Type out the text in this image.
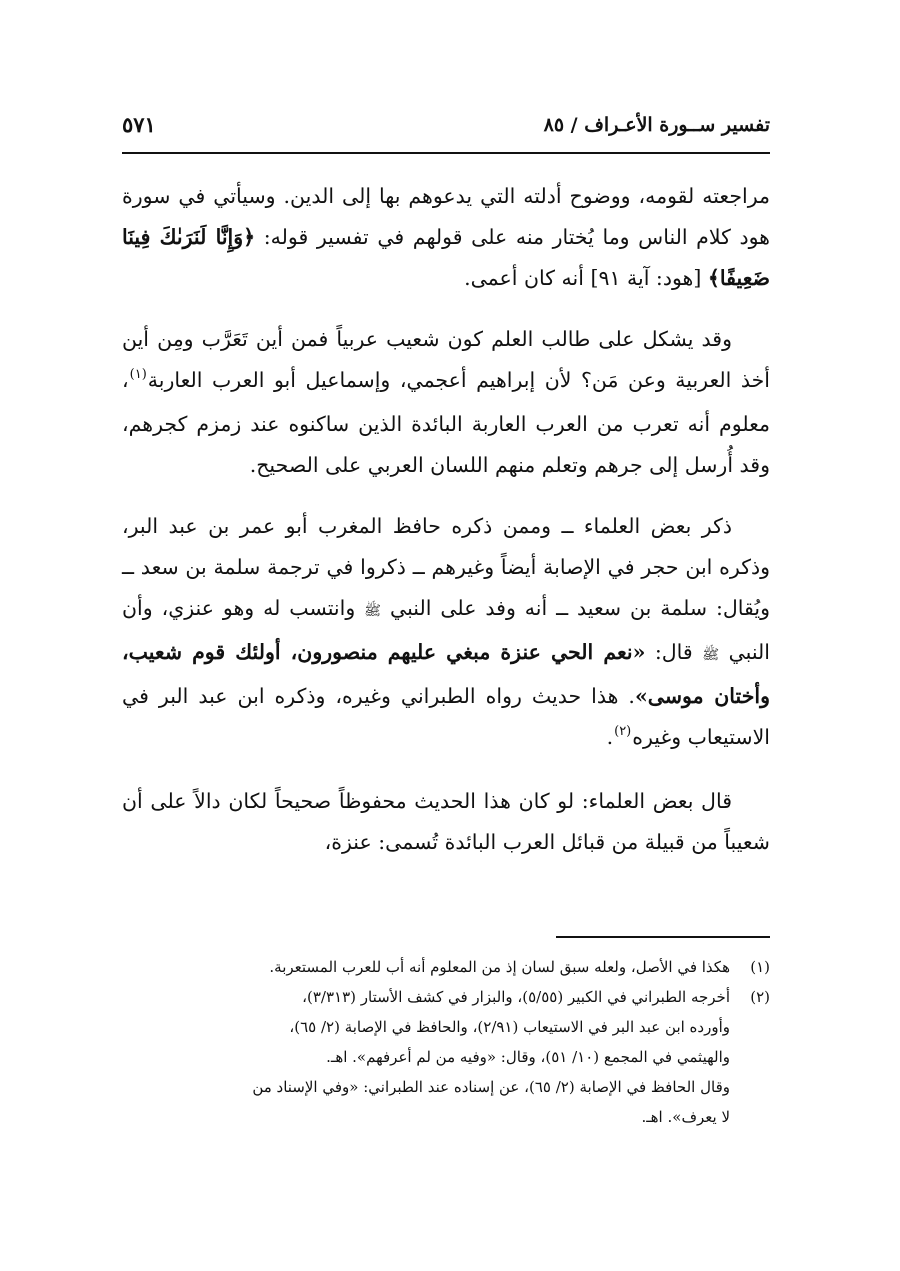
تفسير ســورة الأعـراف / ٨٥
٥٧١

مراجعته لقومه، ووضوح أدلته التي يدعوهم بها إلى الدين. وسيأتي في سورة هود كلام الناس وما يُختار منه على قولهم في تفسير قوله: ﴿وَإِنَّا لَنَرَىٰكَ فِينَا ضَعِيفًا﴾ [هود: آية ٩١] أنه كان أعمى.

وقد يشكل على طالب العلم كون شعيب عربياً فمن أين تَعَرَّب ومِن أين أخذ العربية وعن مَن؟ لأن إبراهيم أعجمي، وإسماعيل أبو العرب العاربة$^{(١)}$، معلوم أنه تعرب من العرب العاربة البائدة الذين ساكنوه عند زمزم كجرهم، وقد أُرسل إلى جرهم وتعلم منهم اللسان العربي على الصحيح.

ذكر بعض العلماء ــ وممن ذكره حافظ المغرب أبو عمر بن عبد البر، وذكره ابن حجر في الإصابة أيضاً وغيرهم ــ ذكروا في ترجمة سلمة بن سعد ــ ويُقال: سلمة بن سعيد ــ أنه وفد على النبي ﷺ وانتسب له وهو عنزي، وأن النبي ﷺ قال: «نعم الحي عنزة مبغي عليهم منصورون، أولئك قوم شعيب، وأختان موسى». هذا حديث رواه الطبراني وغيره، وذكره ابن عبد البر في الاستيعاب وغيره$^{(٢)}$.

قال بعض العلماء: لو كان هذا الحديث محفوظاً صحيحاً لكان دالاً على أن شعيباً من قبيلة من قبائل العرب البائدة تُسمى: عنزة،

(١)
هكذا في الأصل، ولعله سبق لسان إذ من المعلوم أنه أب للعرب المستعربة.
(٢)
أخرجه الطبراني في الكبير (٥/٥٥)، والبزار في كشف الأستار (٣/٣١٣)،
وأورده ابن عبد البر في الاستيعاب (٢/٩١)، والحافظ في الإصابة (٢/ ٦٥)،
والهيثمي في المجمع (١٠/ ٥١)، وقال: «وفيه من لم أعرفهم». اهـ.
وقال الحافظ في الإصابة (٢/ ٦٥)، عن إسناده عند الطبراني: «وفي الإسناد من
لا يعرف». اهـ.
